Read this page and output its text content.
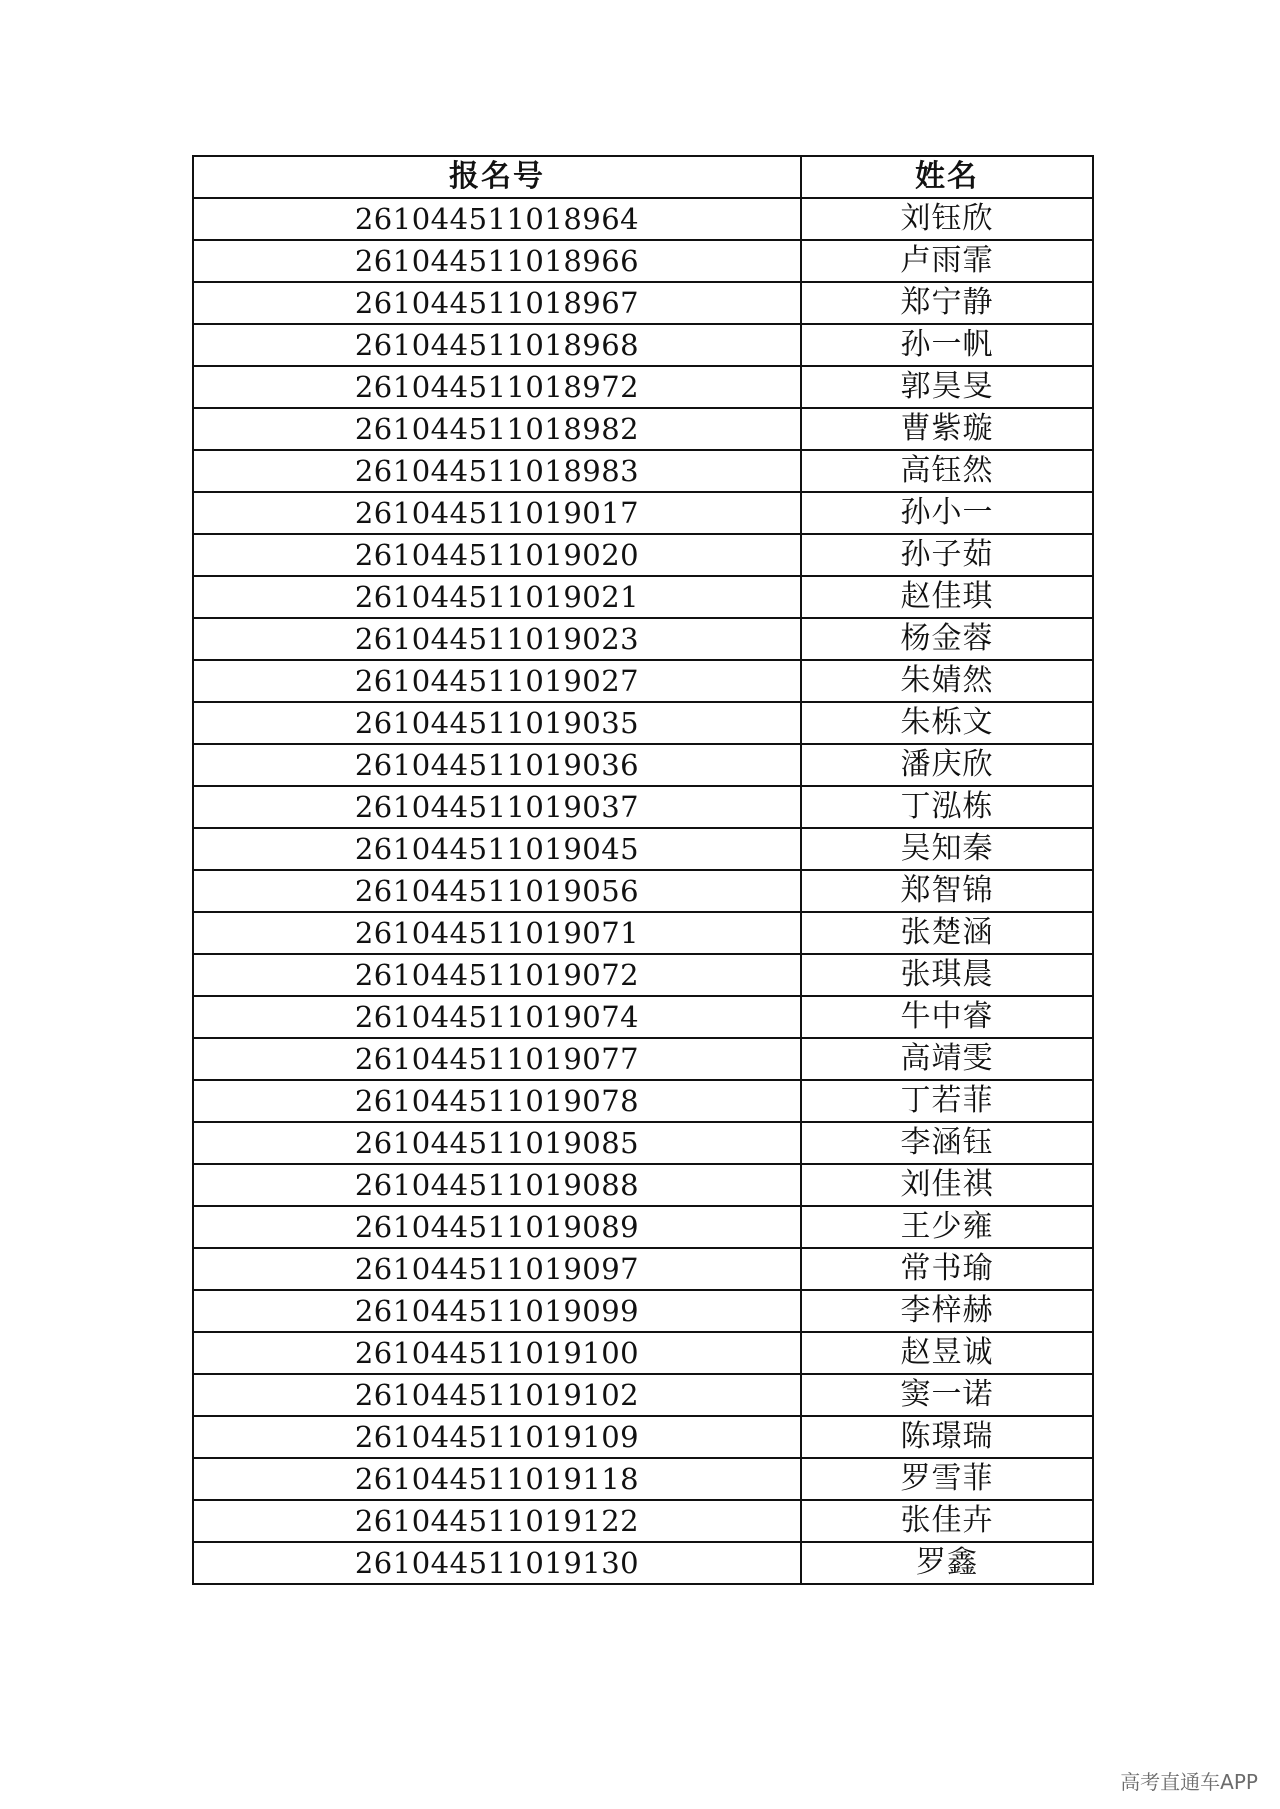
报名号	姓名
261044511018964	刘钰欣
261044511018966	卢雨霏
261044511018967	郑宁静
261044511018968	孙一帆
261044511018972	郭昊旻
261044511018982	曹紫璇
261044511018983	高钰然
261044511019017	孙小一
261044511019020	孙子茹
261044511019021	赵佳琪
261044511019023	杨金蓉
261044511019027	朱婧然
261044511019035	朱栎文
261044511019036	潘庆欣
261044511019037	丁泓栋
261044511019045	吴知秦
261044511019056	郑智锦
261044511019071	张楚涵
261044511019072	张琪晨
261044511019074	牛中睿
261044511019077	高靖雯
261044511019078	丁若菲
261044511019085	李涵钰
261044511019088	刘佳祺
261044511019089	王少雍
261044511019097	常书瑜
261044511019099	李梓赫
261044511019100	赵昱诚
261044511019102	窦一诺
261044511019109	陈璟瑞
261044511019118	罗雪菲
261044511019122	张佳卉
261044511019130	罗鑫
高考直通车APP
